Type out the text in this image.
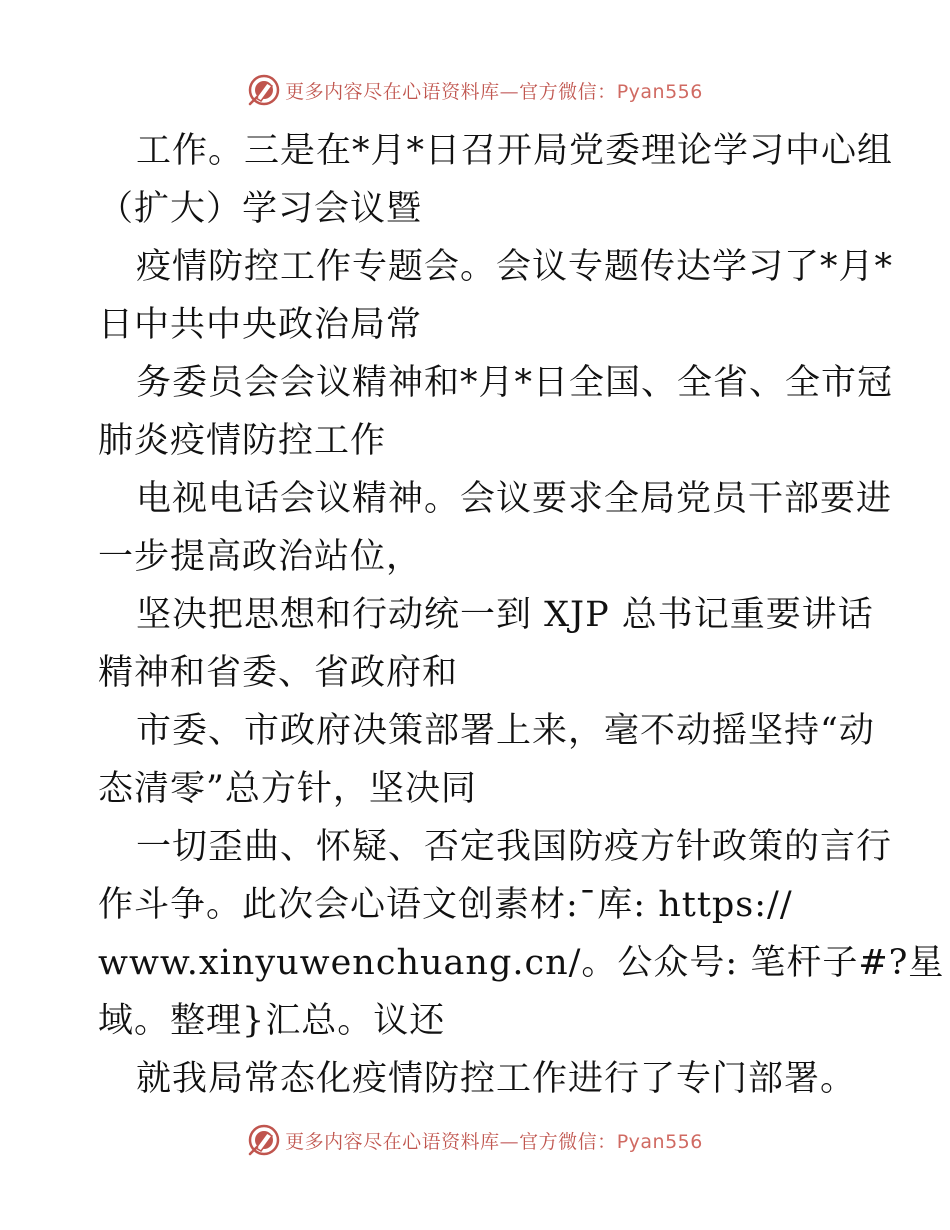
更多内容尽在心语资料库—官方微信：Pyan556
工作。三是在*月*日召开局党委理论学习中心组
（扩大）学习会议暨
疫情防控工作专题会。会议专题传达学习了*月*
日中共中央政治局常
务委员会会议精神和*月*日全国、全省、全市冠
肺炎疫情防控工作
电视电话会议精神。会议要求全局党员干部要进
一步提高政治站位，
坚决把思想和行动统一到 XJP 总书记重要讲话
精神和省委、省政府和
市委、市政府决策部署上来，毫不动摇坚持“动
态清零”总方针，坚决同
一切歪曲、怀疑、否定我国防疫方针政策的言行
作斗争。此次会心语文创素材:¯库: https://
www.xinyuwenchuang.cn/。公众号: 笔杆子#?星
域。整理}汇总。议还
就我局常态化疫情防控工作进行了专门部署。
更多内容尽在心语资料库—官方微信：Pyan556
